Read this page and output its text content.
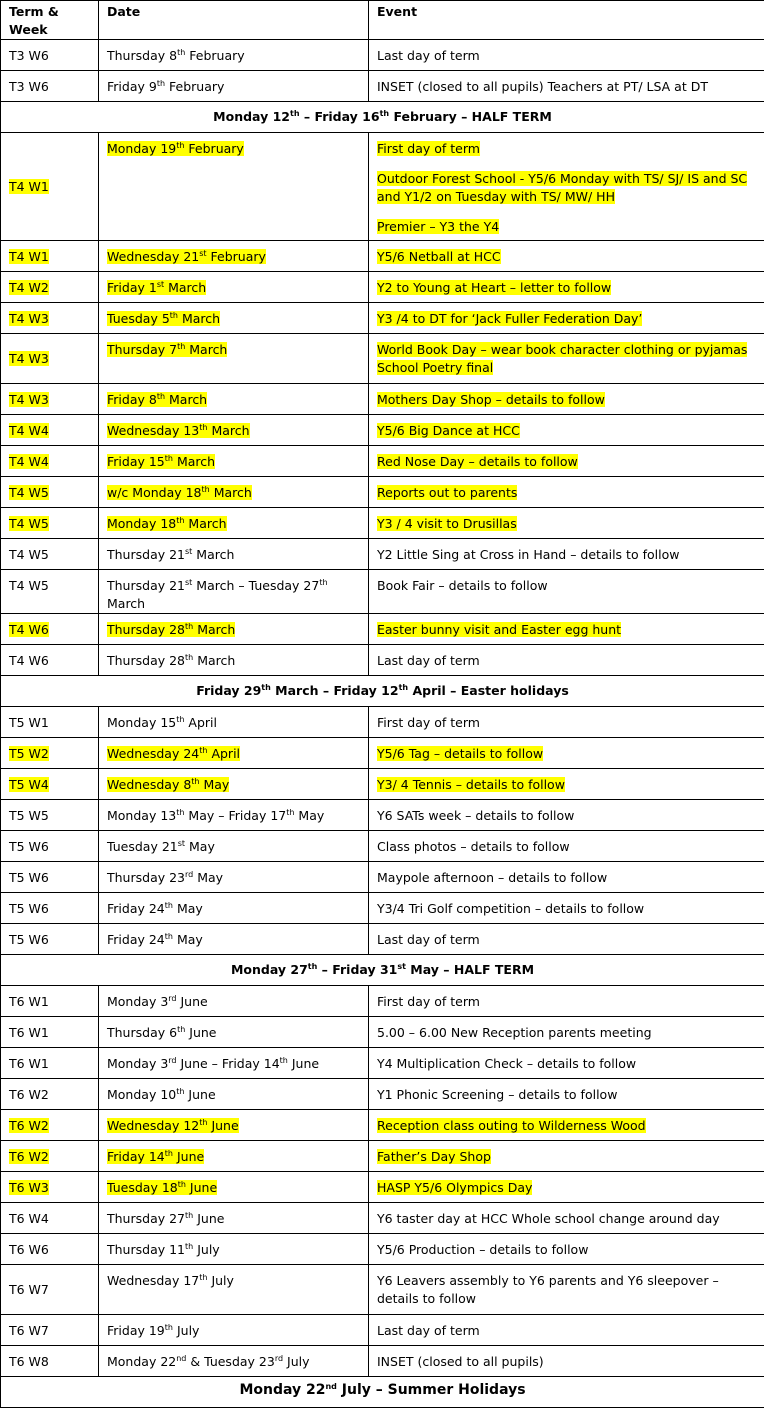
Term & Week	Date	Event
T3 W6	Thursday 8th February	Last day of term

T3 W6	Friday 9th February	INSET (closed to all pupils) Teachers at PT/ LSA at DT

Monday 12th – Friday 16th February – HALF TERM		
T4 W1	Monday 19th February	First day of term
Outdoor Forest School - Y5/6 Monday with TS/ SJ/ IS and SC and Y1/2 on Tuesday with TS/ MW/ HH
Premier – Y3 the Y4

T4 W1	Wednesday 21st February	Y5/6 Netball at HCC

T4 W2	Friday 1st March	Y2 to Young at Heart – letter to follow

T4 W3	Tuesday 5th March	Y3 /4 to DT for ‘Jack Fuller Federation Day’

T4 W3	Thursday 7th March	World Book Day – wear book character clothing or pyjamas School Poetry final

T4 W3	Friday 8th March	Mothers Day Shop – details to follow

T4 W4	Wednesday 13th March	Y5/6 Big Dance at HCC

T4 W4	Friday 15th March	Red Nose Day – details to follow

T4 W5	w/c Monday 18th March	Reports out to parents

T4 W5	Monday 18th March	Y3 / 4 visit to Drusillas

T4 W5	Thursday 21st March	Y2 Little Sing at Cross in Hand – details to follow

T4 W5	Thursday 21st March – Tuesday 27th March	Book Fair – details to follow

T4 W6	Thursday 28th March	Easter bunny visit and Easter egg hunt

T4 W6	Thursday 28th March	Last day of term

Friday 29th March – Friday 12th April – Easter holidays		
T5 W1	Monday 15th April	First day of term

T5 W2	Wednesday 24th April	Y5/6 Tag – details to follow

T5 W4	Wednesday 8th May	Y3/ 4 Tennis – details to follow

T5 W5	Monday 13th May – Friday 17th May	Y6 SATs week – details to follow

T5 W6	Tuesday 21st May	Class photos – details to follow

T5 W6	Thursday 23rd May	Maypole afternoon – details to follow

T5 W6	Friday 24th May	Y3/4 Tri Golf competition – details to follow

T5 W6	Friday 24th May	Last day of term

Monday 27th – Friday 31st May – HALF TERM		
T6 W1	Monday 3rd June	First day of term

T6 W1	Thursday 6th June	5.00 – 6.00 New Reception parents meeting

T6 W1	Monday 3rd June – Friday 14th June	Y4 Multiplication Check – details to follow

T6 W2	Monday 10th June	Y1 Phonic Screening – details to follow

T6 W2	Wednesday 12th June	Reception class outing to Wilderness Wood

T6 W2	Friday 14th June	Father’s Day Shop

T6 W3	Tuesday 18th June	HASP Y5/6 Olympics Day

T6 W4	Thursday 27th June	Y6 taster day at HCC Whole school change around day

T6 W6	Thursday 11th July	Y5/6 Production – details to follow

T6 W7	Wednesday 17th July	Y6 Leavers assembly to Y6 parents and Y6 sleepover – details to follow

T6 W7	Friday 19th July	Last day of term

T6 W8	Monday 22nd & Tuesday 23rd July	INSET (closed to all pupils)

Monday 22nd July – Summer Holidays		
